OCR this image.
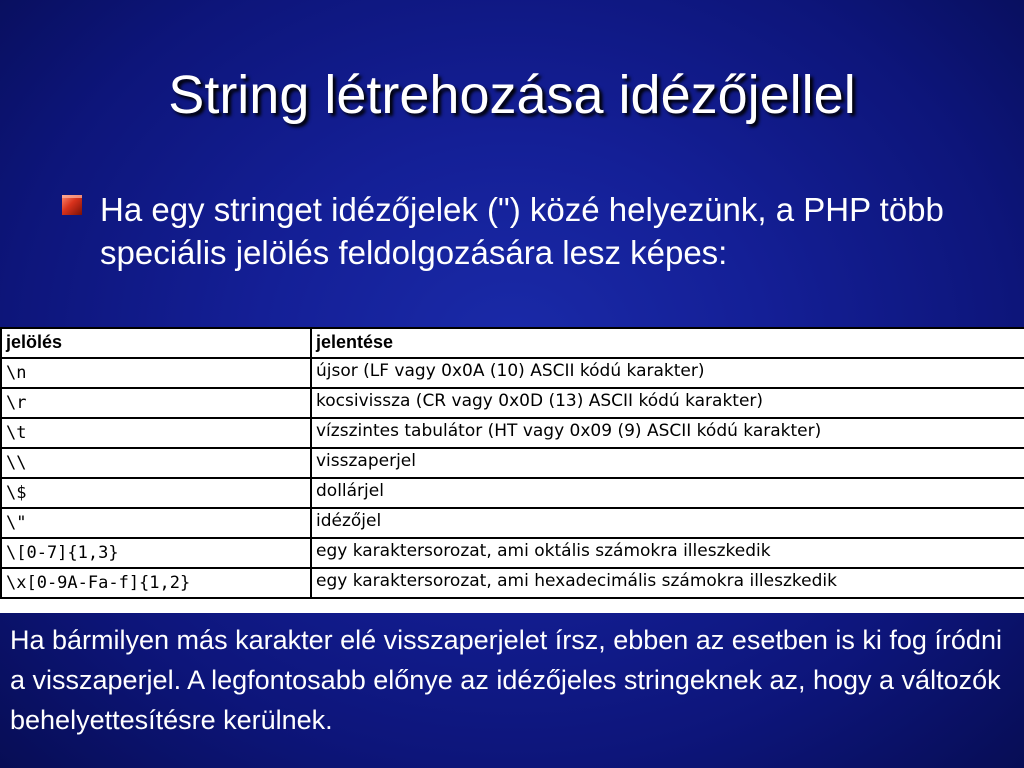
String létrehozása idézőjellel
Ha egy stringet idézőjelek (") közé helyezünk, a PHP több speciális jelölés feldolgozására lesz képes:
jelölés	jelentése
\n	újsor (LF vagy 0x0A (10) ASCII kódú karakter)
\r	kocsivissza (CR vagy 0x0D (13) ASCII kódú karakter)
\t	vízszintes tabulátor (HT vagy 0x09 (9) ASCII kódú karakter)
\\	visszaperjel
\$	dollárjel
\"	idézőjel
\[0-7]{1,3}	egy karaktersorozat, ami oktális számokra illeszkedik
\x[0-9A-Fa-f]{1,2}	egy karaktersorozat, ami hexadecimális számokra illeszkedik
Ha bármilyen más karakter elé visszaperjelet írsz, ebben az esetben is ki fog íródni a visszaperjel. A legfontosabb előnye az idézőjeles stringeknek az, hogy a változók behelyettesítésre kerülnek.
